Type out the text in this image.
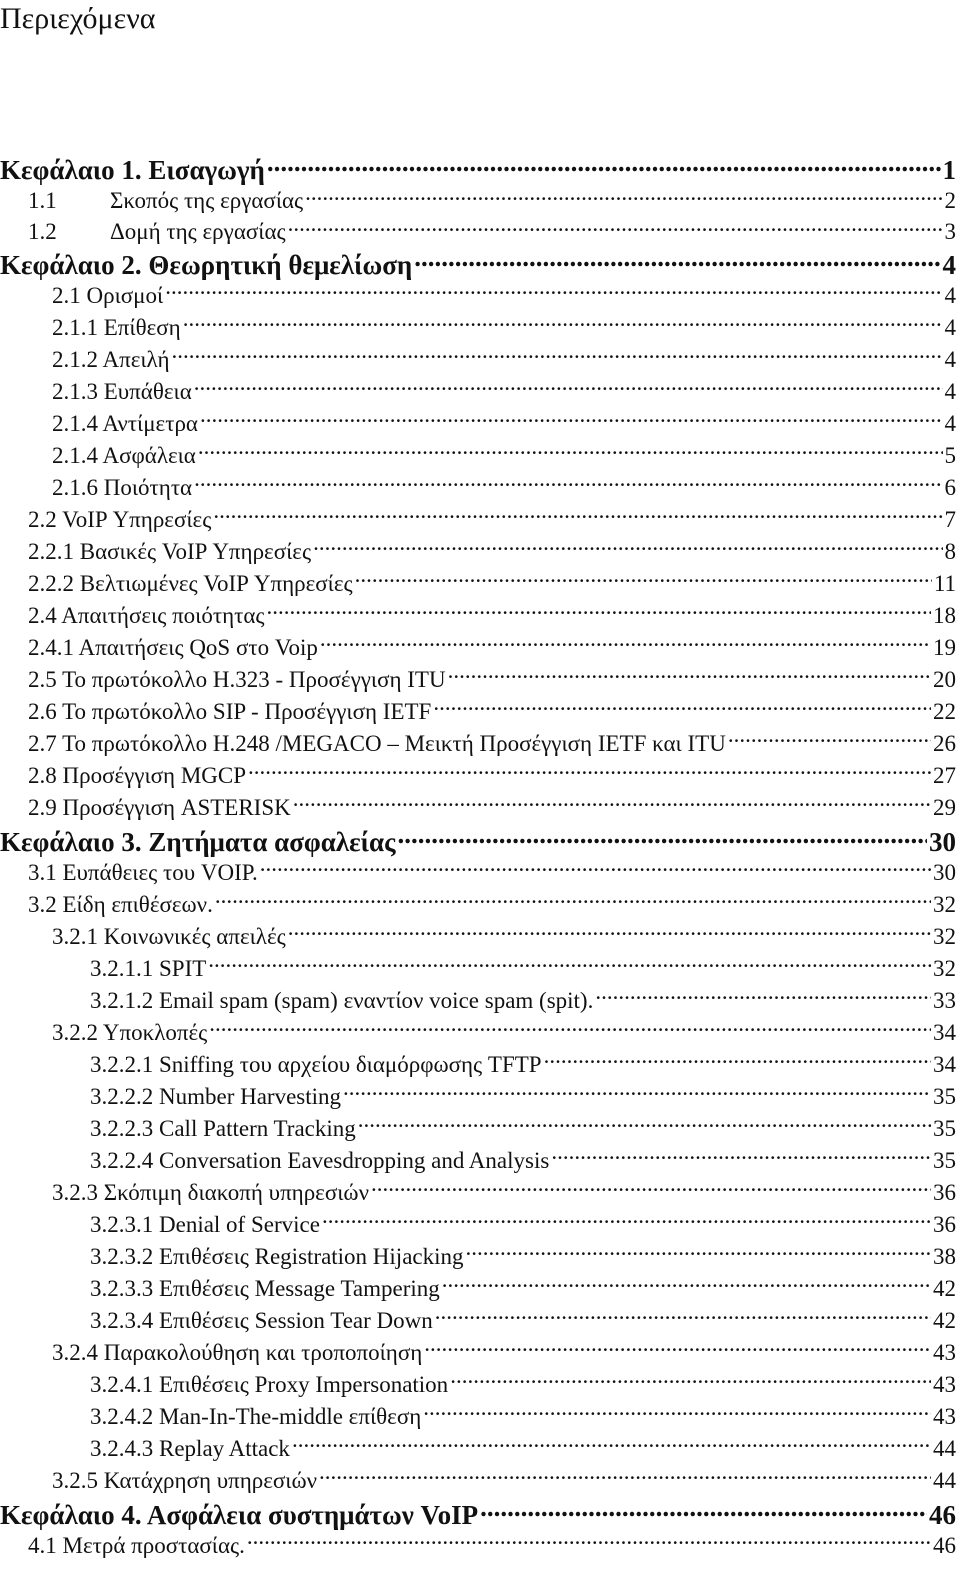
Περιεχόμενα
Κεφάλαιο 1. Εισαγωγή .....	1
1.1	Σκοπός της εργασίας .....	2
1.2	Δομή της εργασίας .....	3
Κεφάλαιο 2. Θεωρητική θεμελίωση .....	4
2.1 Ορισμοί .....	4
2.1.1 Επίθεση .....	4
2.1.2 Απειλή .....	4
2.1.3 Ευπάθεια .....	4
2.1.4 Αντίμετρα .....	4
2.1.4 Ασφάλεια .....	5
2.1.6 Ποιότητα .....	6
2.2 VoIP Υπηρεσίες .....	7
2.2.1 Βασικές VoIP Υπηρεσίες .....	8
2.2.2 Βελτιωμένες VoIP Υπηρεσίες .....	11
2.4 Απαιτήσεις ποιότητας .....	18
2.4.1 Απαιτήσεις QoS στο Voip .....	19
2.5 Το πρωτόκολλο H.323 - Προσέγγιση ITU .....	20
2.6 Το πρωτόκολλο SIP - Προσέγγιση IETF .....	22
2.7 Το πρωτόκολλο H.248 /MEGACO – Μεικτή Προσέγγιση IETF και ITU .....	26
2.8 Προσέγγιση MGCP .....	27
2.9 Προσέγγιση ASTERISK .....	29
Κεφάλαιο 3. Ζητήματα ασφαλείας .....	30
3.1 Ευπάθειες του VOIP. .....	30
3.2 Είδη επιθέσεων. .....	32
3.2.1 Κοινωνικές απειλές .....	32
3.2.1.1 SPIT .....	32
3.2.1.2 Email spam (spam) εναντίον voice spam (spit). .....	33
3.2.2 Υποκλοπές .....	34
3.2.2.1 Sniffing του αρχείου διαμόρφωσης TFTP .....	34
3.2.2.2 Number Harvesting .....	35
3.2.2.3 Call Pattern Tracking .....	35
3.2.2.4 Conversation Eavesdropping and Analysis .....	35
3.2.3 Σκόπιμη διακοπή υπηρεσιών .....	36
3.2.3.1 Denial of Service .....	36
3.2.3.2 Επιθέσεις Registration Hijacking .....	38
3.2.3.3 Επιθέσεις Message Tampering .....	42
3.2.3.4 Επιθέσεις Session Tear Down .....	42
3.2.4 Παρακολούθηση και τροποποίηση .....	43
3.2.4.1 Επιθέσεις Proxy Impersonation .....	43
3.2.4.2 Man-In-The-middle επίθεση .....	43
3.2.4.3 Replay Attack .....	44
3.2.5 Κατάχρηση υπηρεσιών .....	44
Κεφάλαιο 4. Ασφάλεια συστημάτων VoIP .....	46
4.1 Μετρά προστασίας. .....	46
